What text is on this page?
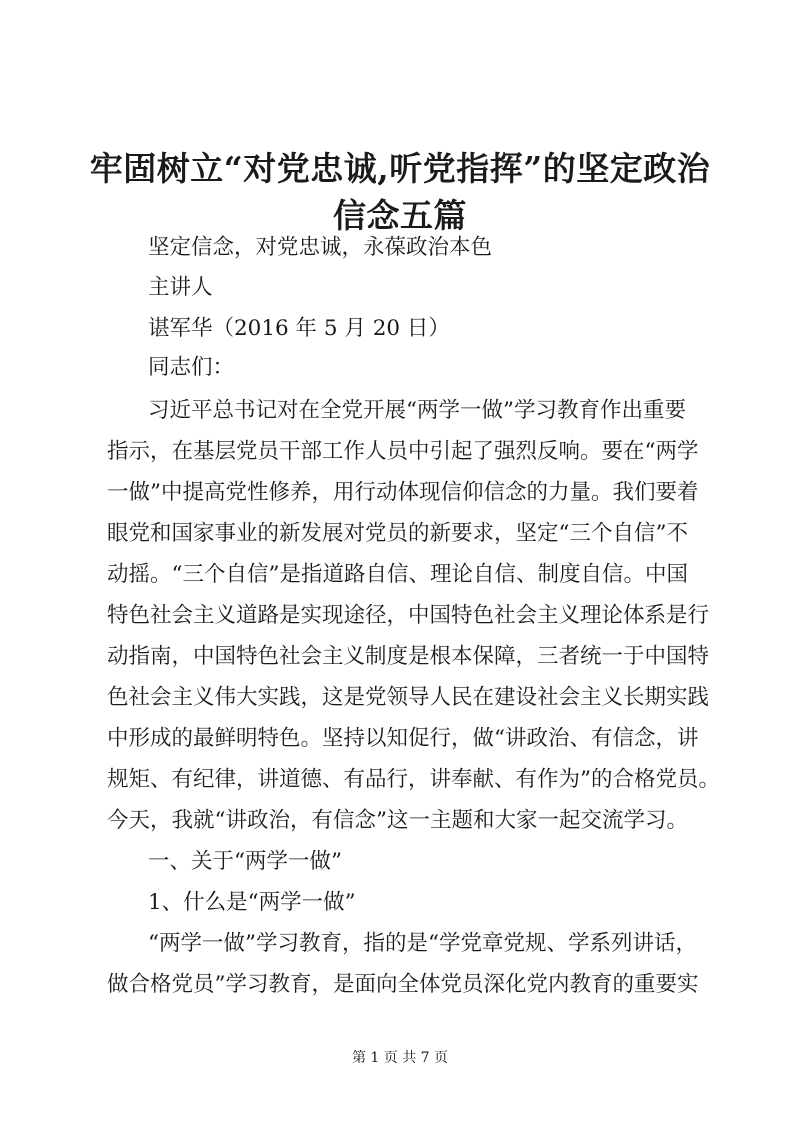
牢固树立“对党忠诚,听党指挥”的坚定政治
信念五篇
坚定信念，对党忠诚，永葆政治本色
主讲人
谌军华（2016 年 5 月 20 日）
同志们：
习近平总书记对在全党开展“两学一做”学习教育作出重要
指示，在基层党员干部工作人员中引起了强烈反响。要在“两学
一做”中提高党性修养，用行动体现信仰信念的力量。我们要着
眼党和国家事业的新发展对党员的新要求，坚定“三个自信”不
动摇。“三个自信”是指道路自信、理论自信、制度自信。中国
特色社会主义道路是实现途径，中国特色社会主义理论体系是行
动指南，中国特色社会主义制度是根本保障，三者统一于中国特
色社会主义伟大实践，这是党领导人民在建设社会主义长期实践
中形成的最鲜明特色。坚持以知促行，做“讲政治、有信念，讲
规矩、有纪律，讲道德、有品行，讲奉献、有作为”的合格党员。
今天，我就“讲政治，有信念”这一主题和大家一起交流学习。
一、关于“两学一做”
1、什么是“两学一做”
“两学一做”学习教育，指的是“学党章党规、学系列讲话，
做合格党员”学习教育，是面向全体党员深化党内教育的重要实
第 1 页 共 7 页
